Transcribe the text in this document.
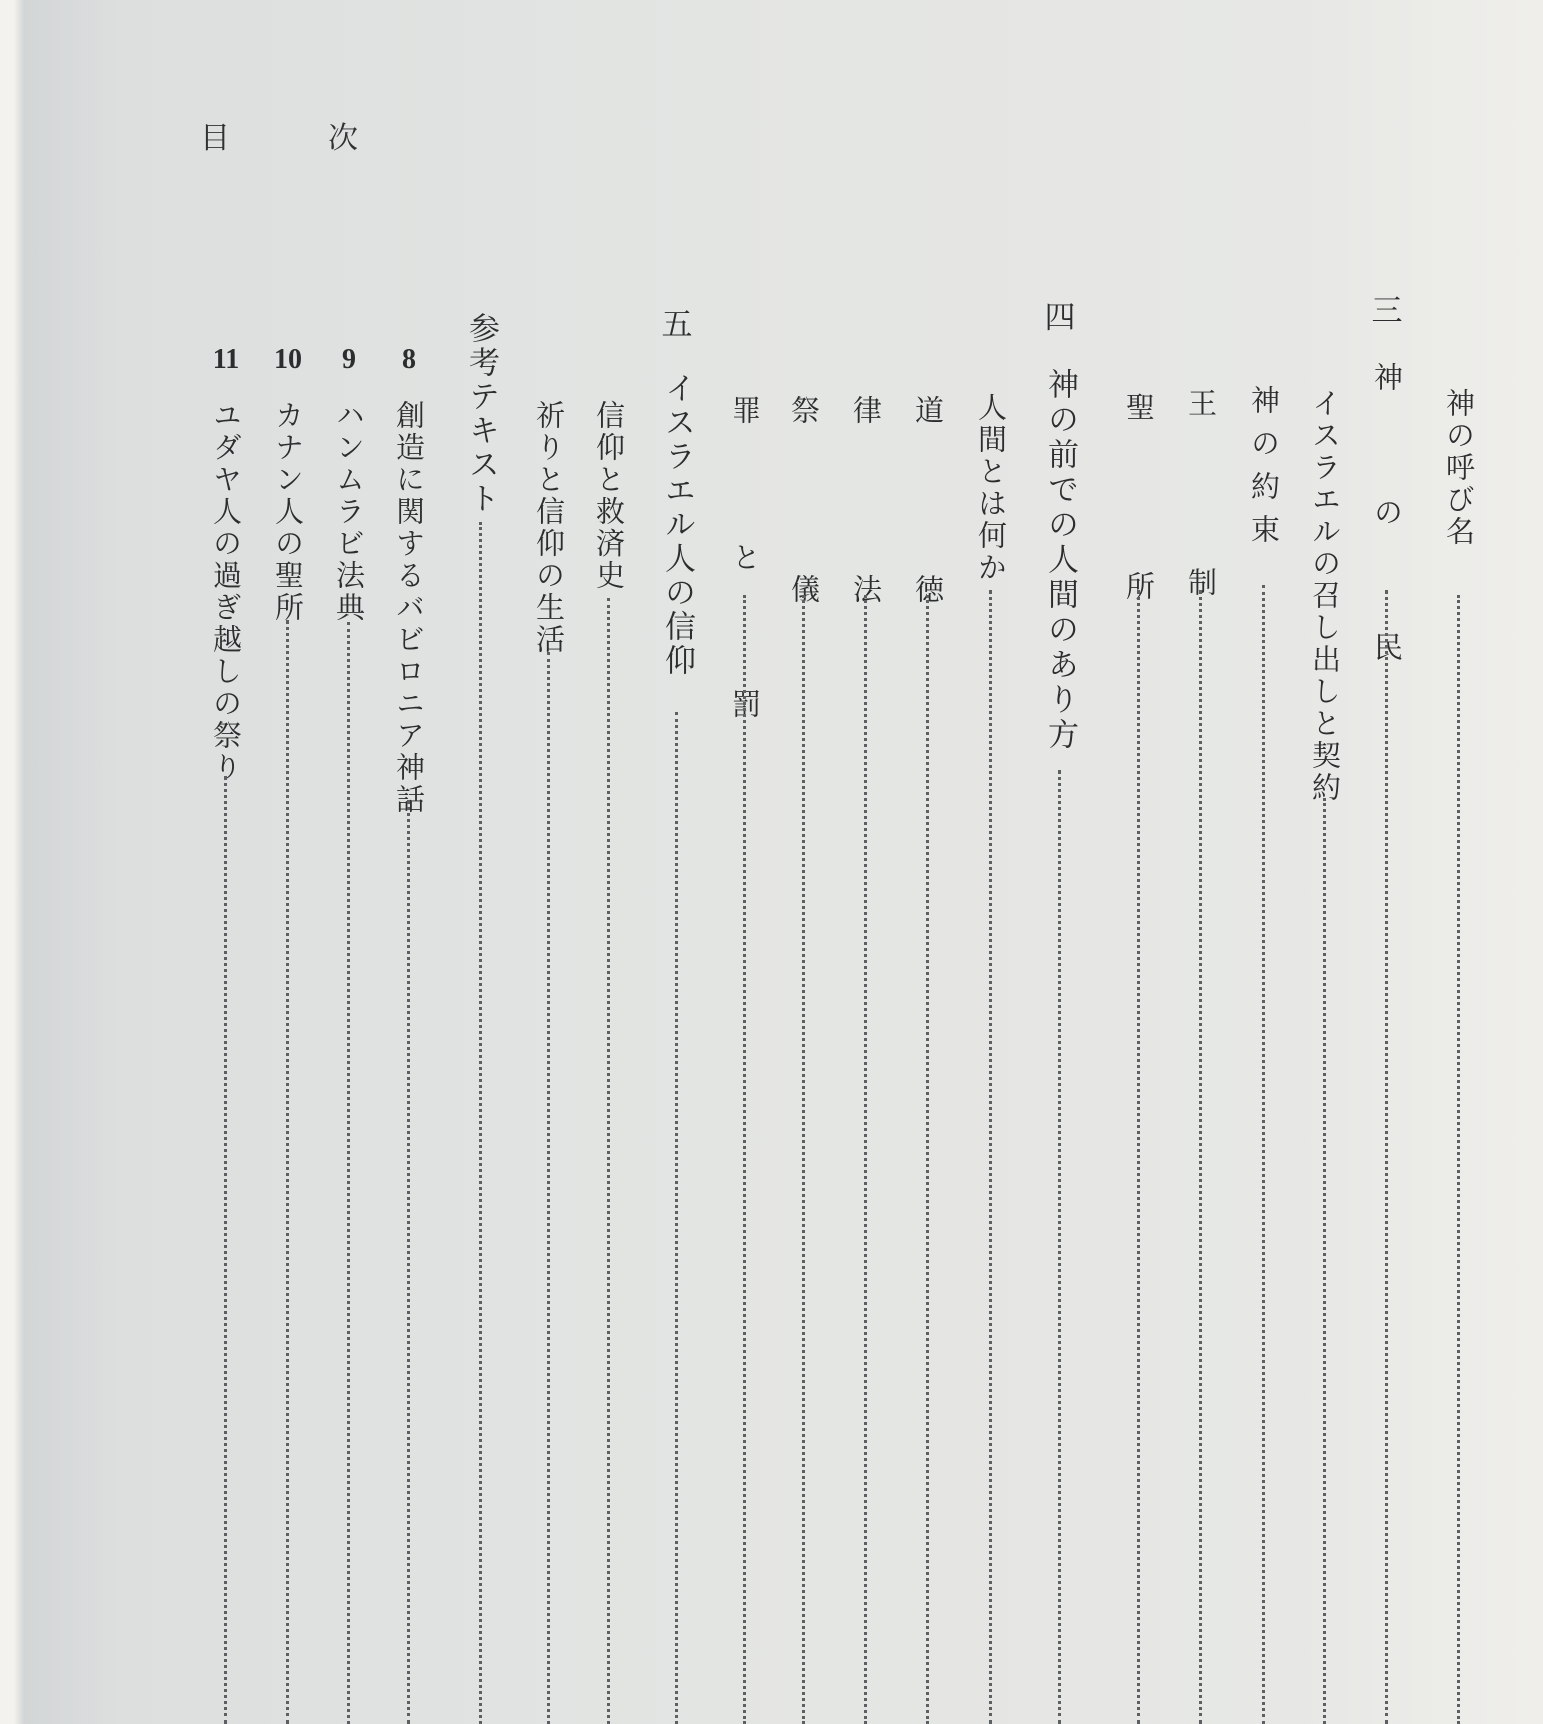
目	次
神の呼び名
三
神 の 民
イスラエルの召し出しと契約
神の約束
王 制
聖 所
四
神の前での人間のあり方
人間とは何か
道 徳
律 法
祭 儀
罪 と 罰
五
イスラエル人の信仰
信仰と救済史
祈りと信仰の生活
参考テキスト
8
創造に関するバビロニア神話
9
ハンムラビ法典
10
カナン人の聖所
11
ユダヤ人の過ぎ越しの祭り
